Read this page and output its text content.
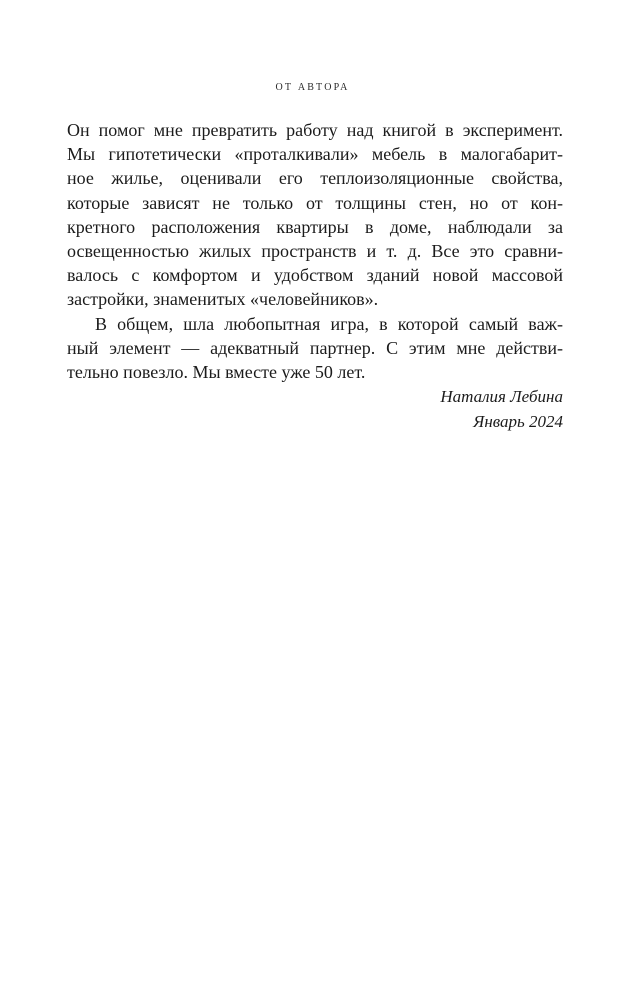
ОТ АВТОРА

Он помог мне превратить работу над книгой в эксперимент.
Мы гипотетически «проталкивали» мебель в малогабарит-
ное жилье, оценивали его теплоизоляционные свойства,
которые зависят не только от толщины стен, но от кон-
кретного расположения квартиры в доме, наблюдали за
освещенностью жилых пространств и т. д. Все это сравни-
валось с комфортом и удобством зданий новой массовой
застройки, знаменитых «человейников».

В общем, шла любопытная игра, в которой самый важ-
ный элемент — адекватный партнер. С этим мне действи-
тельно повезло. Мы вместе уже 50 лет.

Наталия Лебина
Январь 2024
